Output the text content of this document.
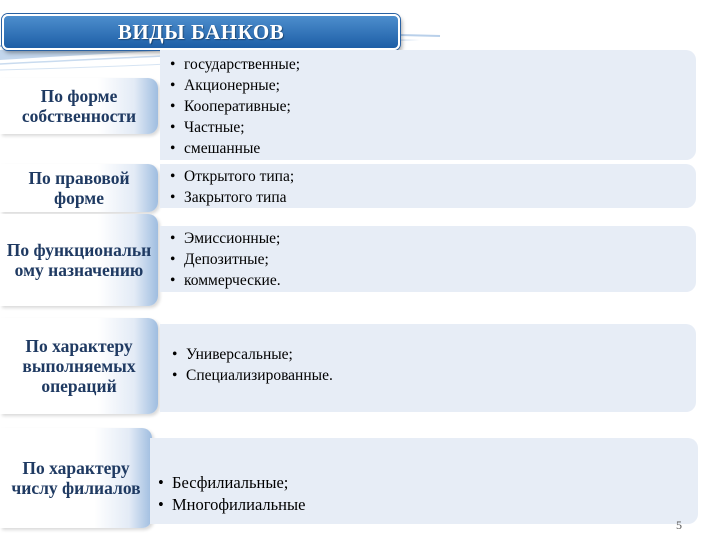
ВИДЫ БАНКОВ
По форме собственности
• государственные;
• Акционерные;
• Кооперативные;
• Частные;
• смешанные
По правовой форме
• Открытого типа;
• Закрытого типа
По функциональн ому назначению
• Эмиссионные;
• Депозитные;
• коммерческие.
По характеру выполняемых операций
• Универсальные;
• Специализированные.
По характеру числу филиалов
•	Бесфилиальные;
• Многофилиальные
5
